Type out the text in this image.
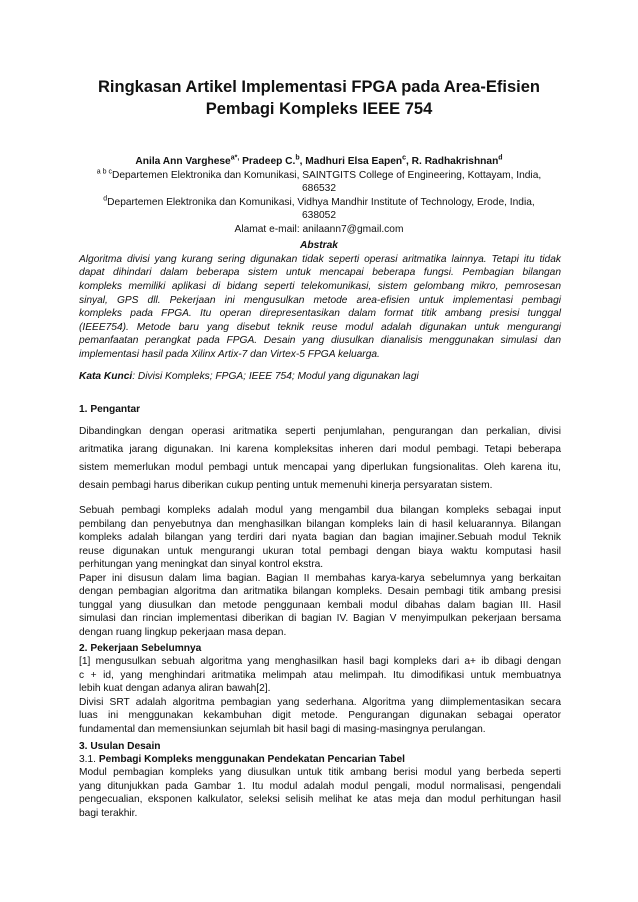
Ringkasan Artikel Implementasi FPGA pada Area-Efisien
Pembagi Kompleks IEEE 754
Anila Ann Varghese$^{a*,}$ Pradeep C.$^b$, Madhuri Elsa Eapen$^c$, R. Radhakrishnan$^d$
$^{a b c}$Departemen Elektronika dan Komunikasi, SAINTGITS College of Engineering, Kottayam, India,
686532
$^d$Departemen Elektronika dan Komunikasi, Vidhya Mandhir Institute of Technology, Erode, India,
638052
Alamat e-mail: anilaann7@gmail.com
Abstrak
Algoritma divisi yang kurang sering digunakan tidak seperti operasi aritmatika lainnya. Tetapi itu tidak
dapat dihindari dalam beberapa sistem untuk mencapai beberapa fungsi. Pembagian bilangan
kompleks memiliki aplikasi di bidang seperti telekomunikasi, sistem gelombang mikro, pemrosesan
sinyal, GPS dll. Pekerjaan ini mengusulkan metode area-efisien untuk implementasi pembagi
kompleks pada FPGA. Itu operan direpresentasikan dalam format titik ambang presisi tunggal
(IEEE754). Metode baru yang disebut teknik reuse modul adalah digunakan untuk mengurangi
pemanfaatan perangkat pada FPGA. Desain yang diusulkan dianalisis menggunakan simulasi dan
implementasi hasil pada Xilinx Artix-7 dan Virtex-5 FPGA keluarga.
Kata Kunci: Divisi Kompleks; FPGA; IEEE 754; Modul yang digunakan lagi
1. Pengantar
Dibandingkan dengan operasi aritmatika seperti penjumlahan, pengurangan dan perkalian, divisi
aritmatika jarang digunakan. Ini karena kompleksitas inheren dari modul pembagi. Tetapi beberapa
sistem memerlukan modul pembagi untuk mencapai yang diperlukan fungsionalitas. Oleh karena itu,
desain pembagi harus diberikan cukup penting untuk memenuhi kinerja persyaratan sistem.
Sebuah pembagi kompleks adalah modul yang mengambil dua bilangan kompleks sebagai input
pembilang dan penyebutnya dan menghasilkan bilangan kompleks lain di hasil keluarannya. Bilangan
kompleks adalah bilangan yang terdiri dari nyata bagian dan bagian imajiner.Sebuah modul Teknik
reuse digunakan untuk mengurangi ukuran total pembagi dengan biaya waktu komputasi hasil
perhitungan yang meningkat dan sinyal kontrol ekstra.
Paper ini disusun dalam lima bagian. Bagian II membahas karya-karya sebelumnya yang berkaitan
dengan pembagian algoritma dan aritmatika bilangan kompleks. Desain pembagi titik ambang presisi
tunggal yang diusulkan dan metode penggunaan kembali modul dibahas dalam bagian III. Hasil
simulasi dan rincian implementasi diberikan di bagian IV. Bagian V menyimpulkan pekerjaan bersama
dengan ruang lingkup pekerjaan masa depan.
2. Pekerjaan Sebelumnya
[1] mengusulkan sebuah algoritma yang menghasilkan hasil bagi kompleks dari a+ ib dibagi dengan
c + id, yang menghindari aritmatika melimpah atau melimpah. Itu dimodifikasi untuk membuatnya
lebih kuat dengan adanya aliran bawah[2].
Divisi SRT adalah algoritma pembagian yang sederhana. Algoritma yang diimplementasikan secara
luas ini menggunakan kekambuhan digit metode. Pengurangan digunakan sebagai operator
fundamental dan memensiunkan sejumlah bit hasil bagi di masing-masingnya perulangan.
3. Usulan Desain
3.1. Pembagi Kompleks menggunakan Pendekatan Pencarian Tabel
Modul pembagian kompleks yang diusulkan untuk titik ambang berisi modul yang berbeda seperti
yang ditunjukkan pada Gambar 1. Itu modul adalah modul pengali, modul normalisasi, pengendali
pengecualian, eksponen kalkulator, seleksi selisih melihat ke atas meja dan modul perhitungan hasil
bagi terakhir.
